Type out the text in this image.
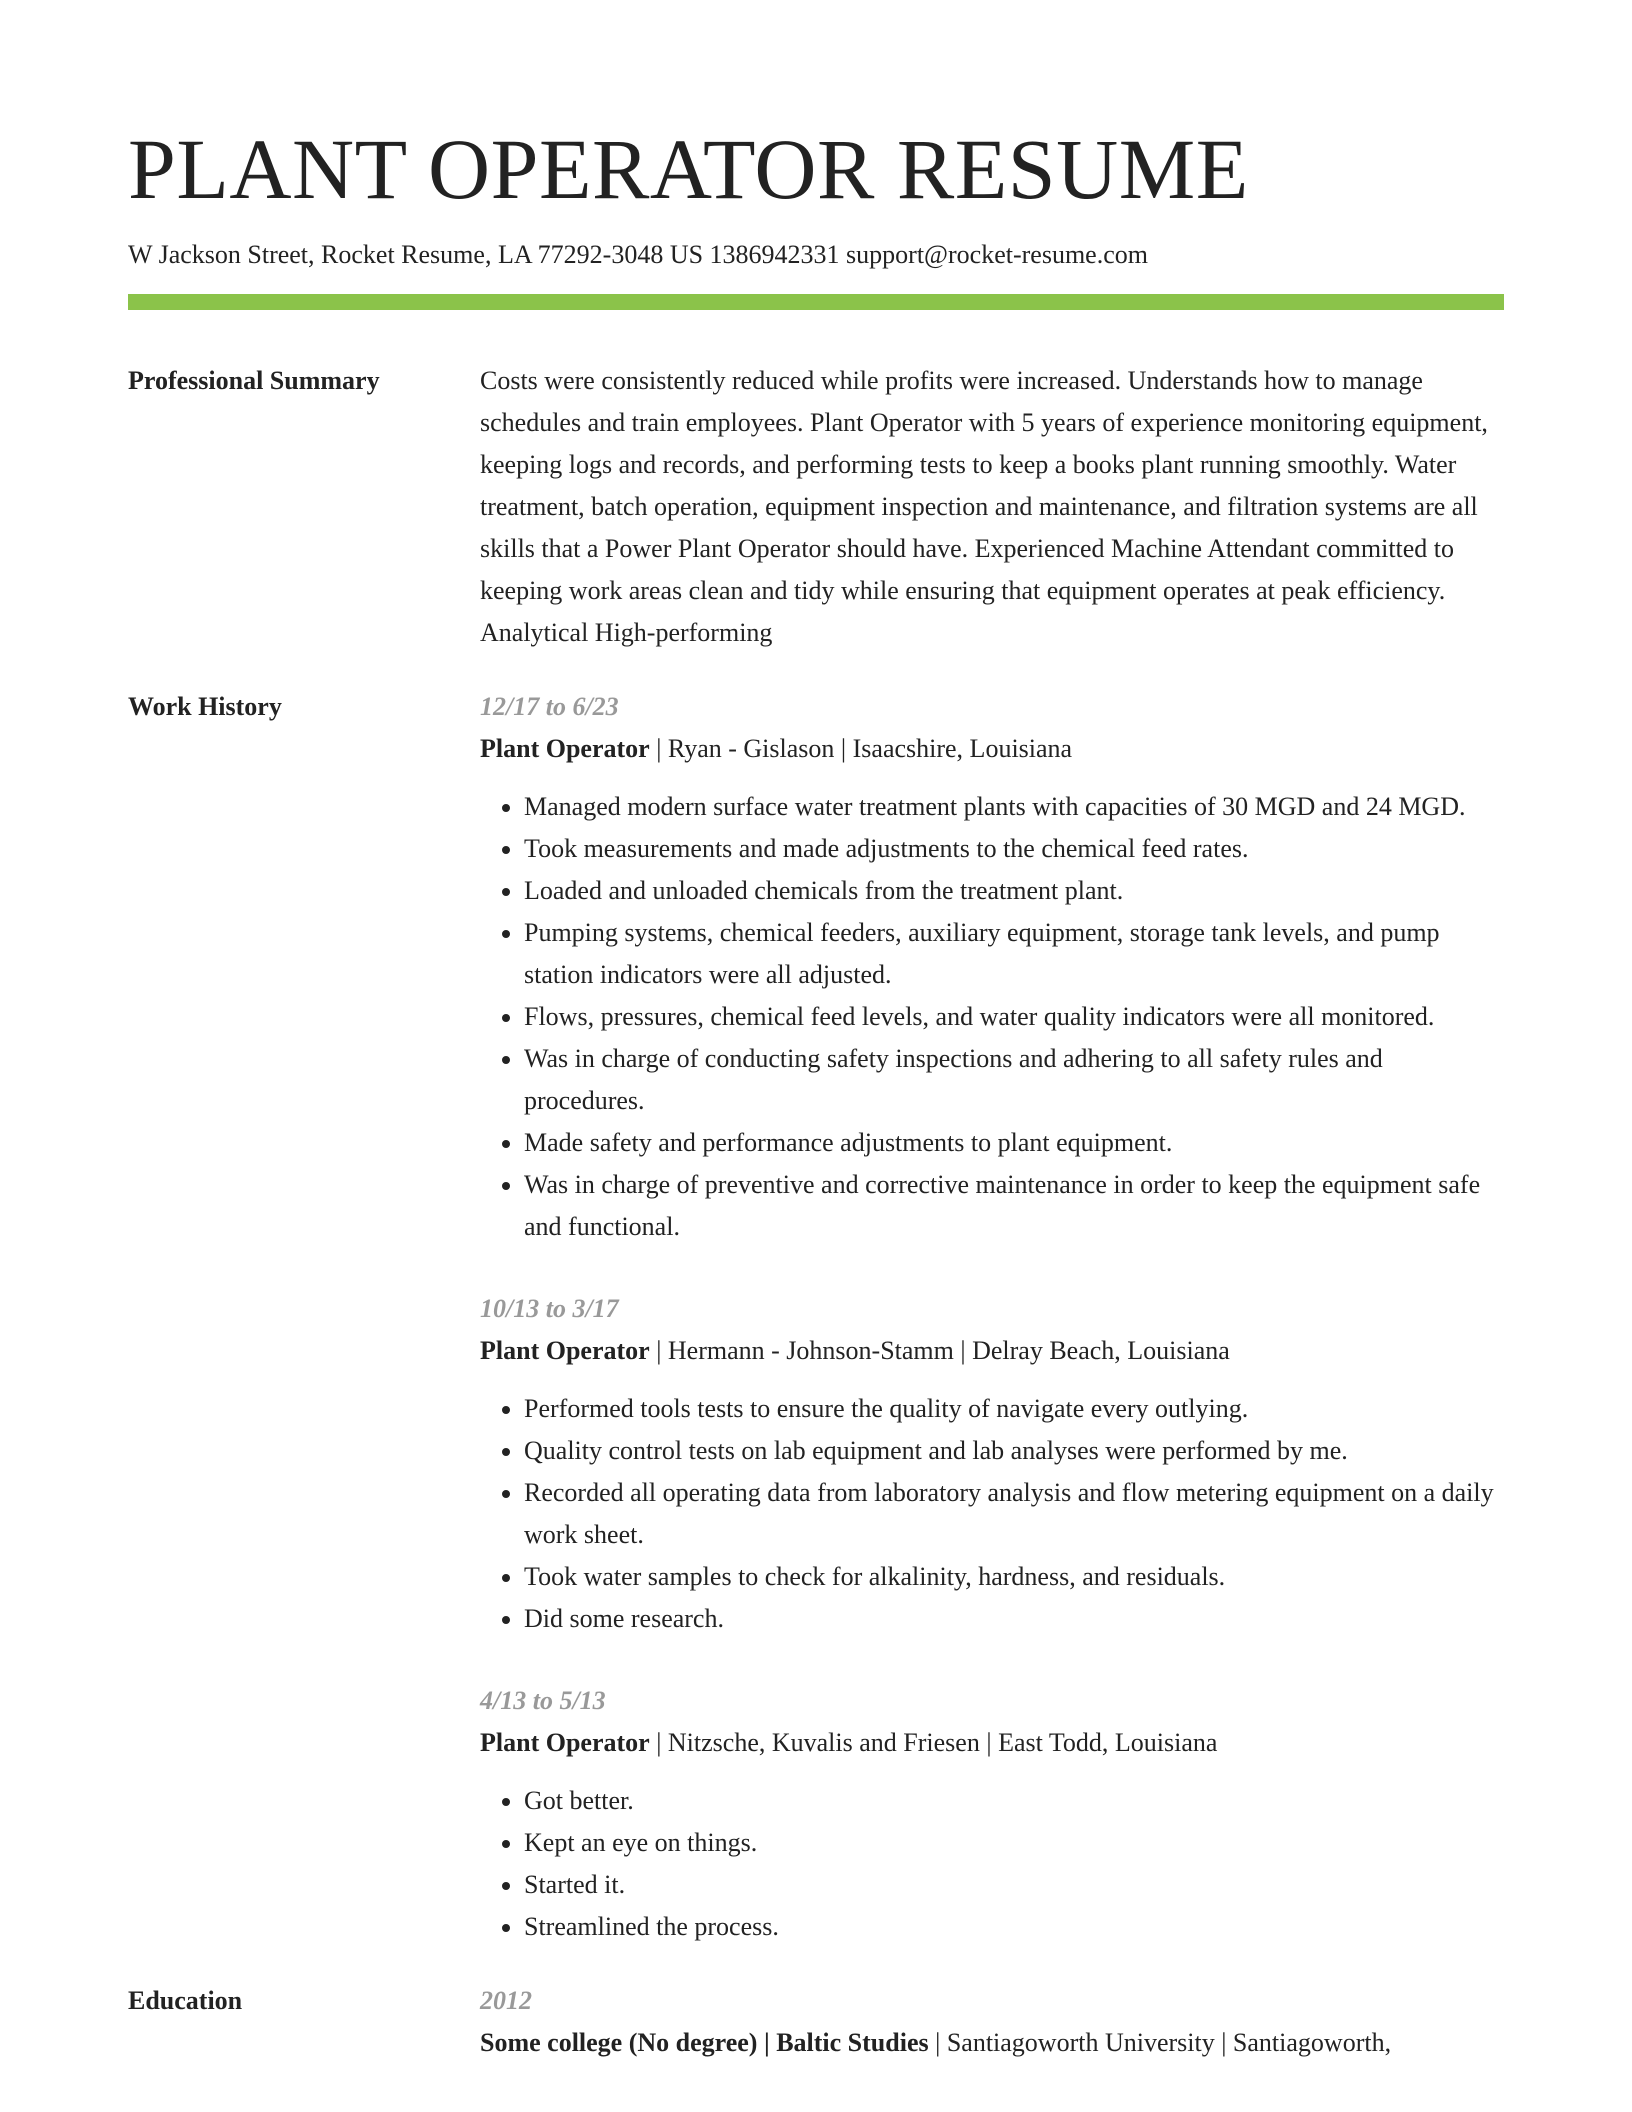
PLANT OPERATOR RESUME
W Jackson Street, Rocket Resume, LA 77292-3048 US 1386942331 support@rocket-resume.com
Professional Summary	Costs were consistently reduced while profits were increased. Understands how to manage schedules and train employees. Plant Operator with 5 years of experience monitoring equipment, keeping logs and records, and performing tests to keep a books plant running smoothly. Water treatment, batch operation, equipment inspection and maintenance, and filtration systems are all skills that a Power Plant Operator should have. Experienced Machine Attendant committed to keeping work areas clean and tidy while ensuring that equipment operates at peak efficiency. Analytical High-performing

Work History	12/17 to 6/23
Plant Operator | Ryan - Gislason | Isaacshire, Louisiana
• Managed modern surface water treatment plants with capacities of 30 MGD and 24 MGD.
• Took measurements and made adjustments to the chemical feed rates.
• Loaded and unloaded chemicals from the treatment plant.
• Pumping systems, chemical feeders, auxiliary equipment, storage tank levels, and pump station indicators were all adjusted.
• Flows, pressures, chemical feed levels, and water quality indicators were all monitored.
• Was in charge of conducting safety inspections and adhering to all safety rules and procedures.
• Made safety and performance adjustments to plant equipment.
• Was in charge of preventive and corrective maintenance in order to keep the equipment safe and functional.
10/13 to 3/17
Plant Operator | Hermann - Johnson-Stamm | Delray Beach, Louisiana
• Performed tools tests to ensure the quality of navigate every outlying.
• Quality control tests on lab equipment and lab analyses were performed by me.
• Recorded all operating data from laboratory analysis and flow metering equipment on a daily work sheet.
• Took water samples to check for alkalinity, hardness, and residuals.
• Did some research.
4/13 to 5/13
Plant Operator | Nitzsche, Kuvalis and Friesen | East Todd, Louisiana
• Got better.
• Kept an eye on things.
• Started it.
• Streamlined the process.
Education	2012
Some college (No degree) | Baltic Studies | Santiagoworth University | Santiagoworth,
